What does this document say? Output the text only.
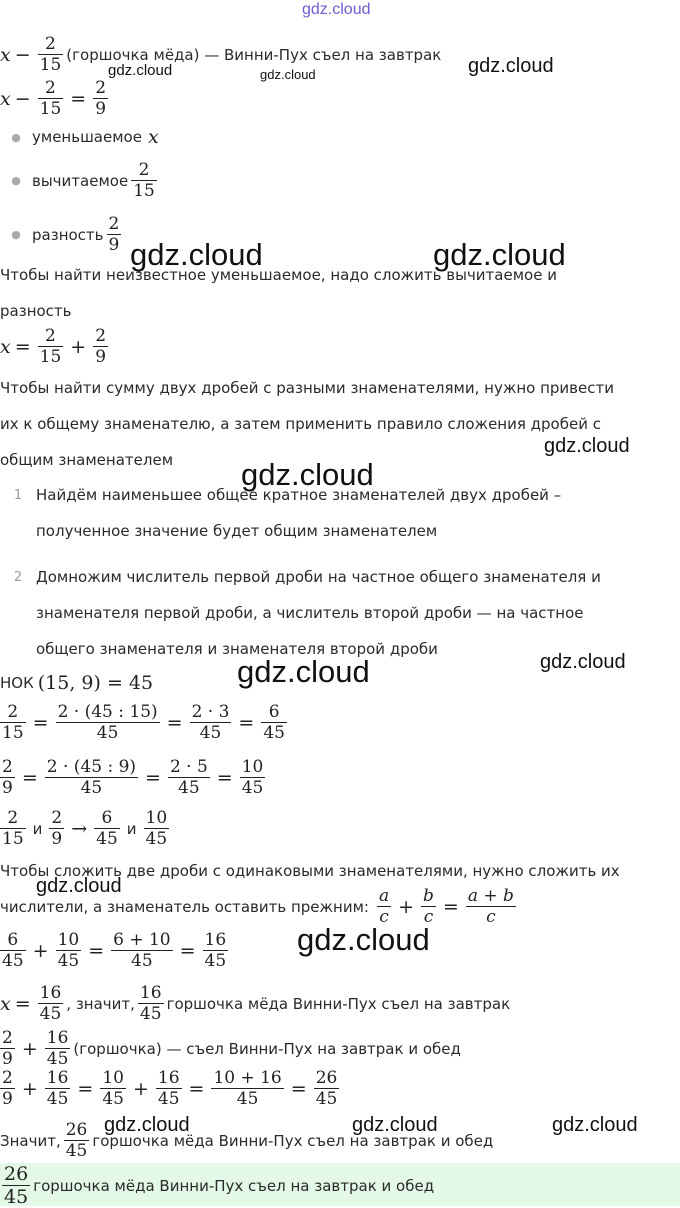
gdz.cloud
$x - \frac{2}{15}$ (горшочка мёда) — Винни-Пух съел на завтрак
$x - \frac{2}{15} = \frac{2}{9}$
● уменьшаемое x
● вычитаемое $\frac{2}{15}$
● разность $\frac{2}{9}$
Чтобы найти неизвестное уменьшаемое, надо сложить вычитаемое и
разность
$x = \frac{2}{15} + \frac{2}{9}$
Чтобы найти сумму двух дробей с разными знаменателями, нужно привести
их к общему знаменателю, а затем применить правило сложения дробей с
общим знаменателем
1 Найдём наименьшее общее кратное знаменателей двух дробей –
полученное значение будет общим знаменателем
2 Домножим числитель первой дроби на частное общего знаменателя и
знаменателя первой дроби, а числитель второй дроби — на частное
общего знаменателя и знаменателя второй дроби
НОК (15, 9) = 45
$\frac{2}{15} = \frac{2 \cdot (45 : 15)}{45} = \frac{2 \cdot 3}{45} = \frac{6}{45}$
$\frac{2}{9} = \frac{2 \cdot (45 : 9)}{45} = \frac{2 \cdot 5}{45} = \frac{10}{45}$
$\frac{2}{15}$ и $\frac{2}{9} \to \frac{6}{45}$ и $\frac{10}{45}$
Чтобы сложить две дроби с одинаковыми знаменателями, нужно сложить их
числители, а знаменатель оставить прежним: $\frac{a}{c} + \frac{b}{c} = \frac{a + b}{c}$
$\frac{6}{45} + \frac{10}{45} = \frac{6 + 10}{45} = \frac{16}{45}$
$x = \frac{16}{45}$ , значит, $\frac{16}{45}$ горшочка мёда Винни-Пух съел на завтрак
$\frac{2}{9} + \frac{16}{45}$ (горшочка) — съел Винни-Пух на завтрак и обед
$\frac{2}{9} + \frac{16}{45} = \frac{10}{45} + \frac{16}{45} = \frac{10 + 16}{45} = \frac{26}{45}$
Значит, $\frac{26}{45}$ горшочка мёда Винни-Пух съел на завтрак и обед
$\frac{26}{45}$ горшочка мёда Винни-Пух съел на завтрак и обед
gdz.cloud	gdz.cloud	gdz.cloud
gdz.cloud	gdz.cloud
gdz.cloud
gdz.cloud
gdz.cloud	gdz.cloud
gdz.cloud
gdz.cloud
gdz.cloud	gdz.cloud	gdz.cloud
